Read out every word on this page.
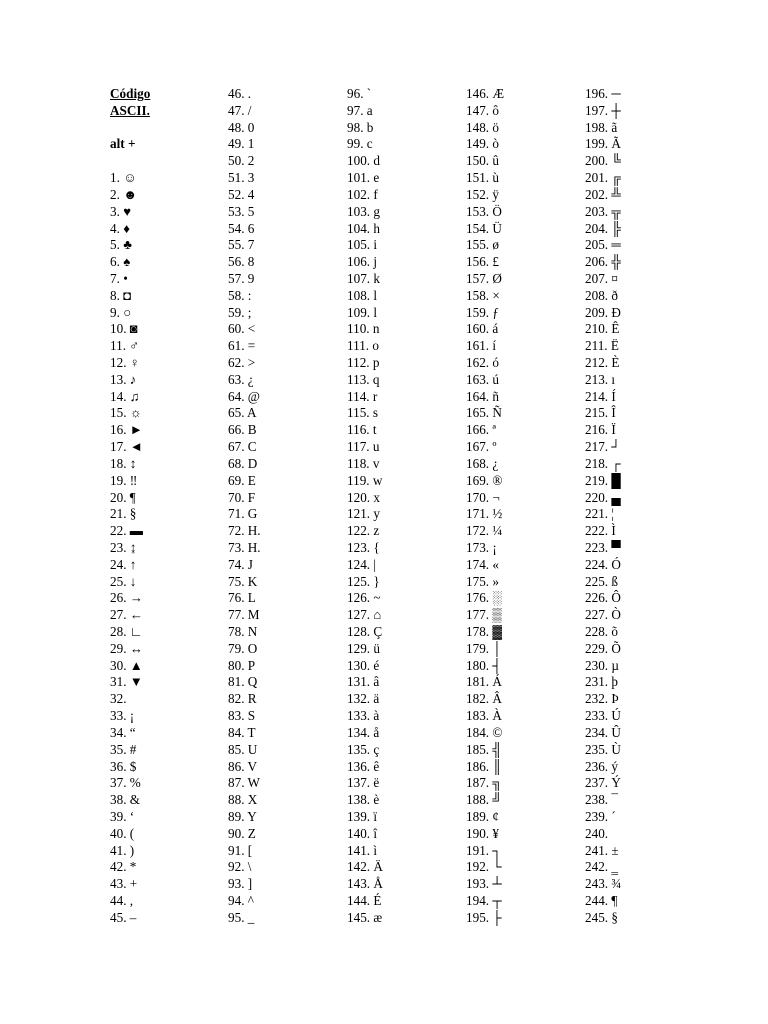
Código
ASCII.
alt +
1. ☺
2. ☻
3. ♥
4. ♦
5. ♣
6. ♠
7. •
8. ◘
9. ○
10. ◙
11. ♂
12. ♀
13. ♪
14. ♫
15. ☼
16. ►
17. ◄
18. ↕
19. ‼
20. ¶
21. §
22. ▬
23. ↨
24. ↑
25. ↓
26. →
27. ←
28. ∟
29. ↔
30. ▲
31. ▼
32.
33. ¡
34. “
35. #
36. $
37. %
38. &
39. ‘
40. (
41. )
42. *
43. +
44. ,
45. –
46. .
47. /
48. 0
49. 1
50. 2
51. 3
52. 4
53. 5
54. 6
55. 7
56. 8
57. 9
58. :
59. ;
60. <
61. =
62. >
63. ¿
64. @
65. A
66. B
67. C
68. D
69. E
70. F
71. G
72. H.
73. H.
74. J
75. K
76. L
77. M
78. N
79. O
80. P
81. Q
82. R
83. S
84. T
85. U
86. V
87. W
88. X
89. Y
90. Z
91. [
92. \
93. ]
94. ^
95. _
96. `
97. a
98. b
99. c
100. d
101. e
102. f
103. g
104. h
105. i
106. j
107. k
108. l
109. l
110. n
111. o
112. p
113. q
114. r
115. s
116. t
117. u
118. v
119. w
120. x
121. y
122. z
123. {
124. |
125. }
126. ~
127. ⌂
128. Ç
129. ü
130. é
131. â
132. ä
133. à
134. å
135. ç
136. ê
137. ë
138. è
139. ï
140. î
141. ì
142. Ä
143. Å
144. É
145. æ
146. Æ
147. ô
148. ö
149. ò
150. û
151. ù
152. ÿ
153. Ö
154. Ü
155. ø
156. £
157. Ø
158. ×
159. ƒ
160. á
161. í
162. ó
163. ú
164. ñ
165. Ñ
166. ª
167. º
168. ¿
169. ®
170. ¬
171. ½
172. ¼
173. ¡
174. «
175. »
176. ░
177. ▒
178. ▓
179. │
180. ┤
181. Á
182. Â
183. À
184. ©
185. ╣
186. ║
187. ╗
188. ╝
189. ¢
190. ¥
191. ┐
192. └
193. ┴
194. ┬
195. ├
196. ─
197. ┼
198. ã
199. Ã
200. ╚
201. ╔
202. ╩
203. ╦
204. ╠
205. ═
206. ╬
207. ¤
208. ð
209. Ð
210. Ê
211. Ë
212. È
213. ı
214. Í
215. Î
216. Ï
217. ┘
218. ┌
219. █
220. ▄
221. ¦
222. Ì
223. ▀
224. Ó
225. ß
226. Ô
227. Ò
228. õ
229. Õ
230. µ
231. þ
232. Þ
233. Ú
234. Û
235. Ù
236. ý
237. Ý
238. ¯
239. ´
240.
241. ±
242. ‗
243. ¾
244. ¶
245. §
